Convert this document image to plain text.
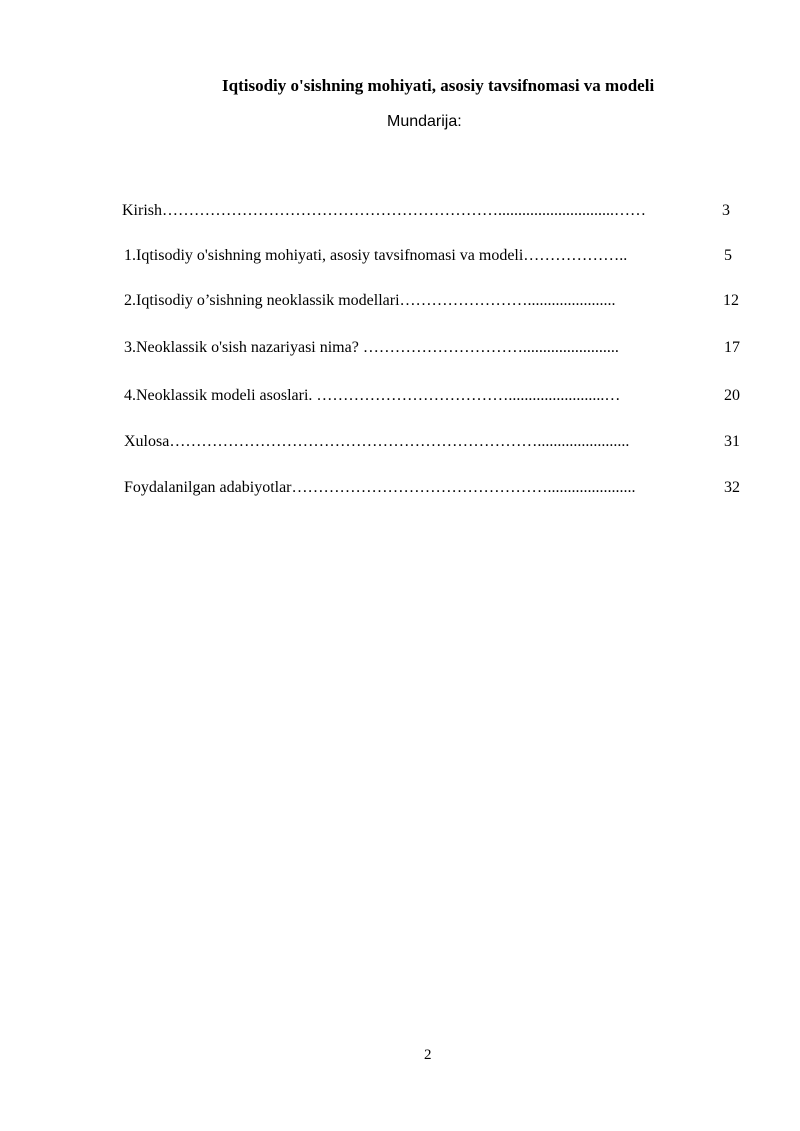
Iqtisodiy o'sishning mohiyati, asosiy tavsifnomasi va modeli
Mundarija:
Kirish……………………………………………………….............................……	3
1.Iqtisodiy o'sishning mohiyati, asosiy tavsifnomasi va modeli………………..	5
2.Iqtisodiy o’sishning neoklassik modellari……………………......................	12
3.Neoklassik o'sish nazariyasi nima? …………………………........................	17
4.Neoklassik modeli asoslari. ………………………………........................…	20
Xulosa…………………………………………………………….......................	31
Foydalanilgan adabiyotlar…………………………………………......................	32
2
